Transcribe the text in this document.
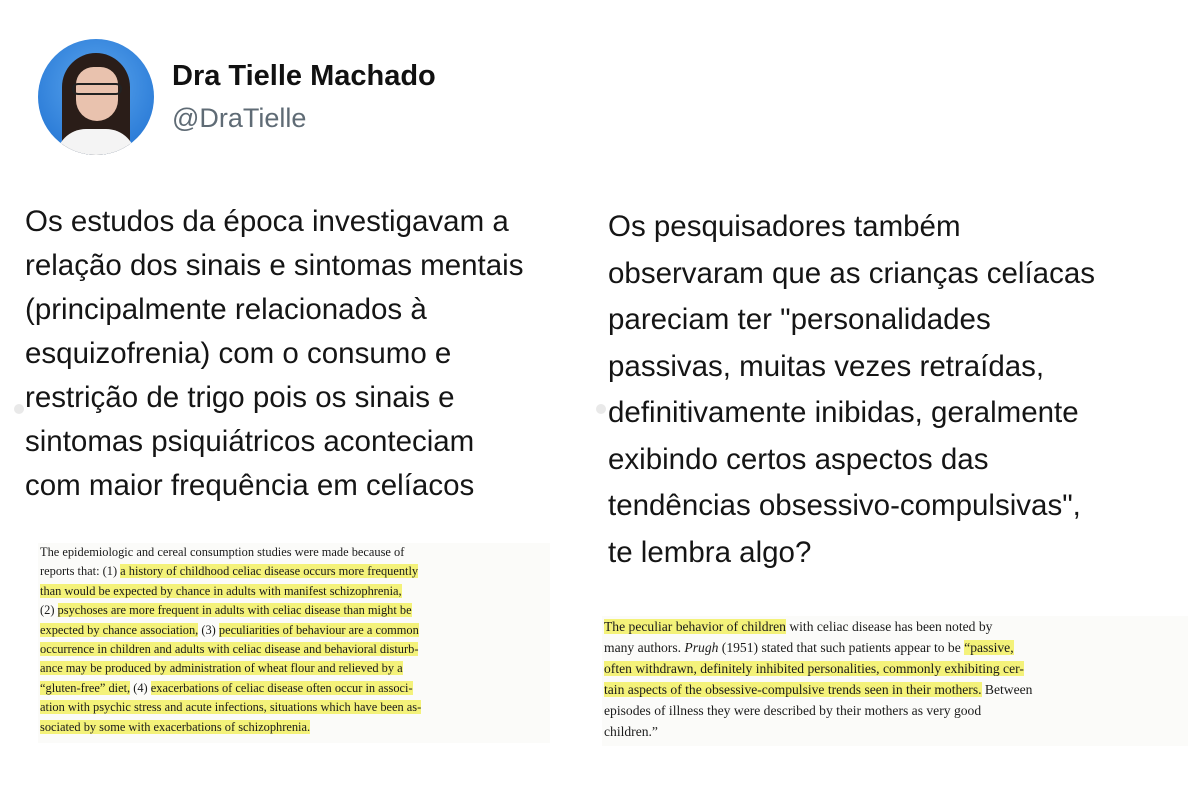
Dra Tielle Machado
@DraTielle
Os estudos da época investigavam a
relação dos sinais e sintomas mentais
(principalmente relacionados à
esquizofrenia) com o consumo e
restrição de trigo pois os sinais e
sintomas psiquiátricos aconteciam
com maior frequência em celíacos
Os pesquisadores também
observaram que as crianças celíacas
pareciam ter "personalidades
passivas, muitas vezes retraídas,
definitivamente inibidas, geralmente
exibindo certos aspectos das
tendências obsessivo-compulsivas",
te lembra algo?
The epidemiologic and cereal consumption studies were made because of
reports that: (1) a history of childhood celiac disease occurs more frequently
than would be expected by chance in adults with manifest schizophrenia,
(2) psychoses are more frequent in adults with celiac disease than might be
expected by chance association, (3) peculiarities of behaviour are a common
occurrence in children and adults with celiac disease and behavioral disturb-
ance may be produced by administration of wheat flour and relieved by a
“gluten-free” diet, (4) exacerbations of celiac disease often occur in associ-
ation with psychic stress and acute infections, situations which have been as-
sociated by some with exacerbations of schizophrenia.
The peculiar behavior of children with celiac disease has been noted by
many authors. Prugh (1951) stated that such patients appear to be “passive,
often withdrawn, definitely inhibited personalities, commonly exhibiting cer-
tain aspects of the obsessive-compulsive trends seen in their mothers. Between
episodes of illness they were described by their mothers as very good
children.”
